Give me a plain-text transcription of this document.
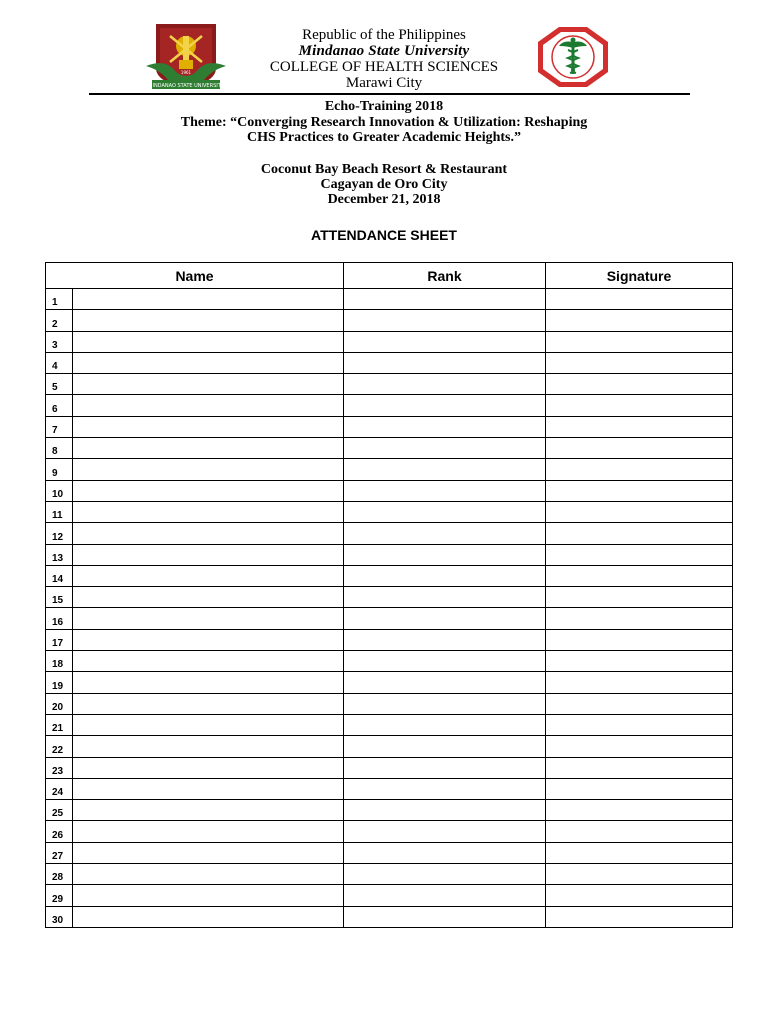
1961
MINDANAO STATE UNIVERSITY
Republic of the Philippines
Mindanao State University
COLLEGE OF HEALTH SCIENCES
Marawi City
Echo-Training 2018
Theme: “Converging Research Innovation & Utilization: Reshaping
CHS Practices to Greater Academic Heights.”
Coconut Bay Beach Resort & Restaurant
Cagayan de Oro City
December 21, 2018
ATTENDANCE SHEET
Name		Rank	Signature
1			
2			
3			
4			
5			
6			
7			
8			
9			
10			
11			
12			
13			
14			
15			
16			
17			
18			
19			
20			
21			
22			
23			
24			
25			
26			
27			
28			
29			
30			
